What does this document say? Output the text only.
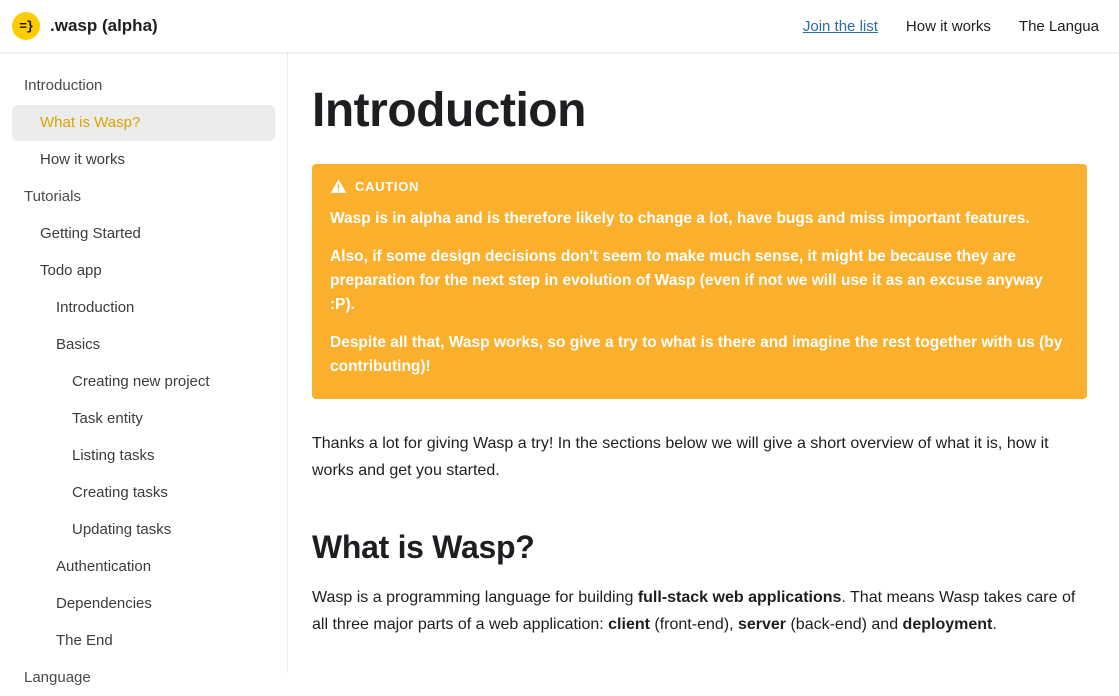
=}	.wasp (alpha)	Join the list How it works The Langua
Introduction
What is Wasp?
How it works
Tutorials
Getting Started
Todo app
Introduction
Basics
Creating new project
Task entity
Listing tasks
Creating tasks
Updating tasks
Authentication
Dependencies
The End
Language
Introduction
CAUTION

Wasp is in alpha and is therefore likely to change a lot, have bugs and miss important features.

Also, if some design decisions don't seem to make much sense, it might be because they are preparation for the next step in evolution of Wasp (even if not we will use it as an excuse anyway :P).

Despite all that, Wasp works, so give a try to what is there and imagine the rest together with us (by contributing)!

Thanks a lot for giving Wasp a try! In the sections below we will give a short overview of what it is, how it works and get you started.

What is Wasp?

Wasp is a programming language for building full-stack web applications. That means Wasp takes care of all three major parts of a web application: client (front-end), server (back-end) and deployment.
